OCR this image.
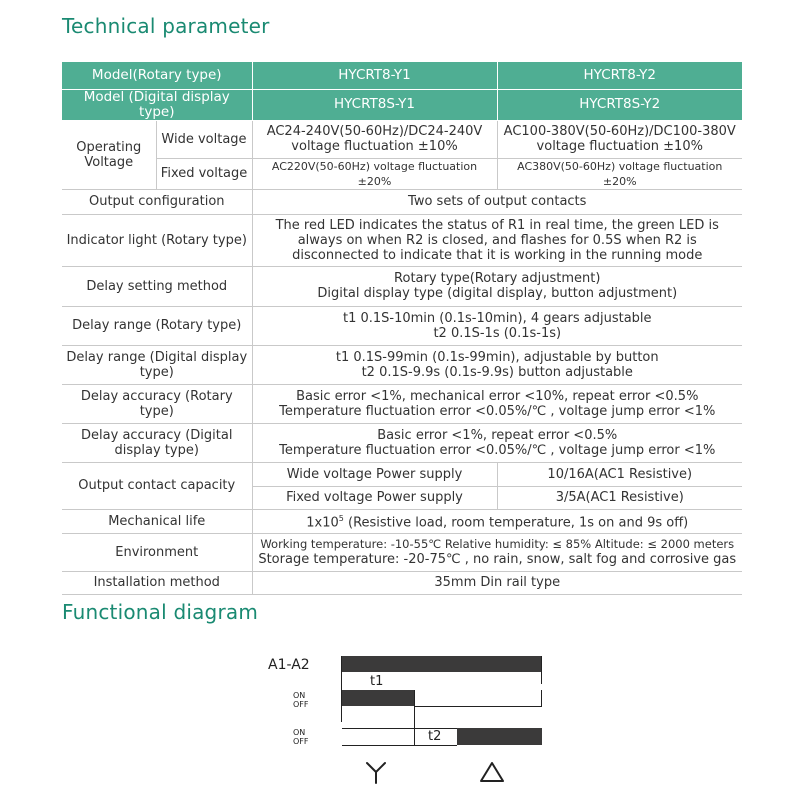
Technical parameter
Model(Rotary type)		HYCRT8-Y1	HYCRT8-Y2
Model (Digital display type)		HYCRT8S-Y1	HYCRT8S-Y2
Operating Voltage	Wide voltage	AC24-240V(50-60Hz)/DC24-240V voltage fluctuation ±10%	AC100-380V(50-60Hz)/DC100-380V voltage fluctuation ±10%
	Fixed voltage	AC220V(50-60Hz) voltage fluctuation ±20%	AC380V(50-60Hz) voltage fluctuation ±20%
Output configuration		Two sets of output contacts	
Indicator light (Rotary type)		The red LED indicates the status of R1 in real time, the green LED is always on when R2 is closed, and flashes for 0.5S when R2 is disconnected to indicate that it is working in the running mode	
Delay setting method		Rotary type(Rotary adjustment)
Digital display type (digital display, button adjustment)	

Delay range (Rotary type)		t1 0.1S-10min (0.1s-10min), 4 gears adjustable
t2 0.1S-1s (0.1s-1s)	

Delay range (Digital display type)		t1 0.1S-99min (0.1s-99min), adjustable by button
t2 0.1S-9.9s (0.1s-9.9s) button adjustable	

Delay accuracy (Rotary type)		Basic error <1%, mechanical error <10%, repeat error <0.5%
Temperature fluctuation error <0.05%/℃ , voltage jump error <1%	

Delay accuracy (Digital display type)		Basic error <1%, repeat error <0.5%
Temperature fluctuation error <0.05%/℃ , voltage jump error <1%	

Output contact capacity		Wide voltage Power supply	10/16A(AC1 Resistive)
		Fixed voltage Power supply	3/5A(AC1 Resistive)
Mechanical life		$1x10^5$ (Resistive load, room temperature, 1s on and 9s off)	
Environment		Working temperature: -10-55℃ Relative humidity: ≤ 85% Altitude: ≤ 2000 meters
Storage temperature: -20-75℃ , no rain, snow, salt fog and corrosive gas	

Installation method		35mm Din rail type	
Functional diagram
A1-A2
t1
ON
OFF
ON
OFF	t2
